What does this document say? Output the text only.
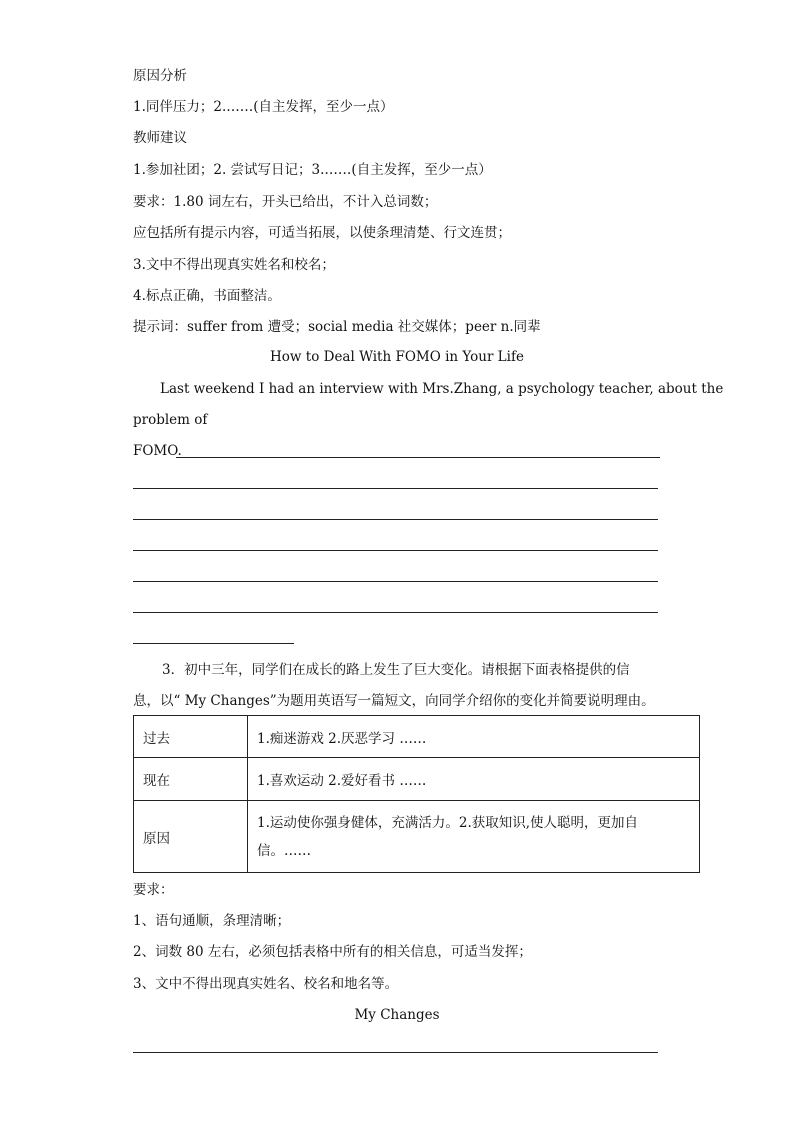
原因分析
1.同伴压力；2.……(自主发挥，至少一点）
教师建议
1.参加社团；2. 尝试写日记；3.……(自主发挥，至少一点）
要求：1.80 词左右，开头已给出，不计入总词数；
应包括所有提示内容，可适当拓展，以使条理清楚、行文连贯；
3.文中不得出现真实姓名和校名；
4.标点正确，书面整洁。
提示词：suffer from 遭受；social media 社交媒体；peer n.同辈
How to Deal With FOMO in Your Life
Last weekend I had an interview with Mrs.Zhang, a psychology teacher, about the
problem of
FOMO.
3．初中三年，同学们在成长的路上发生了巨大变化。请根据下面表格提供的信
息，以“ My Changes”为题用英语写一篇短文，向同学介绍你的变化并简要说明理由。
过去	1.痴迷游戏 2.厌恶学习 ……
现在	1.喜欢运动 2.爱好看书 ……
原因	1.运动使你强身健体，充满活力。2.获取知识,使人聪明，更加自
信。……
要求：
1、语句通顺，条理清晰；
2、词数 80 左右，必须包括表格中所有的相关信息，可适当发挥；
3、文中不得出现真实姓名、校名和地名等。
My Changes
